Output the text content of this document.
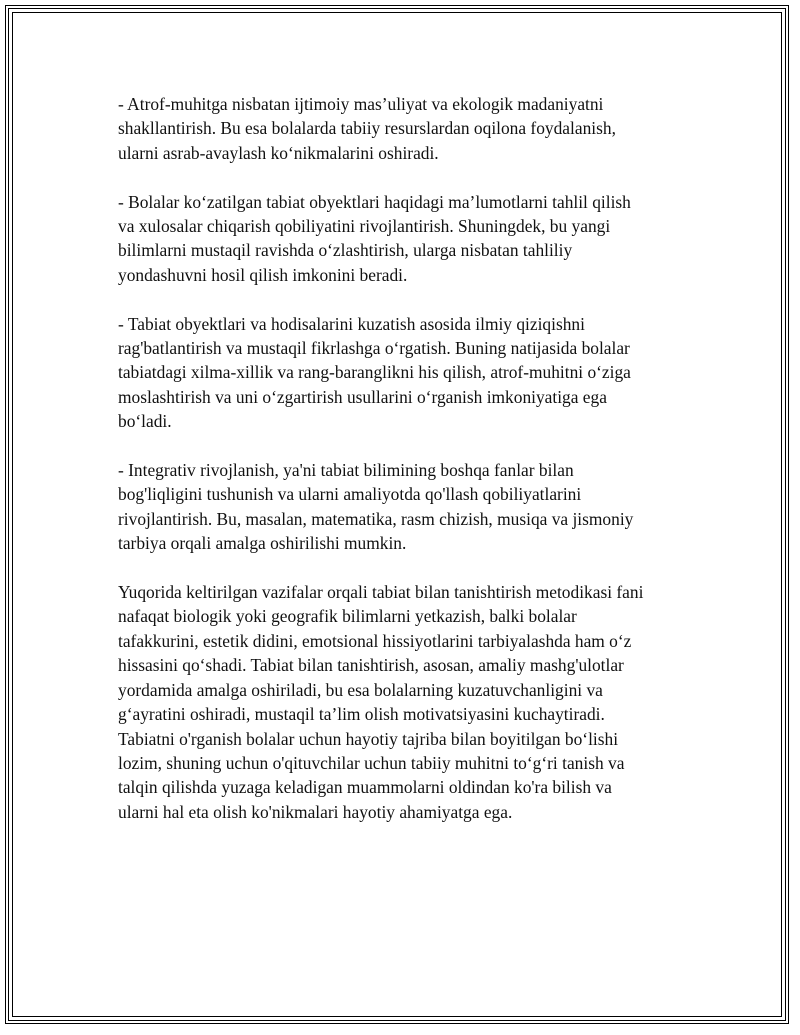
- Atrof-muhitga nisbatan ijtimoiy mas’uliyat va ekologik madaniyatni
shakllantirish. Bu esa bolalarda tabiiy resurslardan oqilona foydalanish,
ularni asrab-avaylash ko‘nikmalarini oshiradi.

- Bolalar ko‘zatilgan tabiat obyektlari haqidagi ma’lumotlarni tahlil qilish
va xulosalar chiqarish qobiliyatini rivojlantirish. Shuningdek, bu yangi
bilimlarni mustaqil ravishda o‘zlashtirish, ularga nisbatan tahliliy
yondashuvni hosil qilish imkonini beradi.

- Tabiat obyektlari va hodisalarini kuzatish asosida ilmiy qiziqishni
rag'batlantirish va mustaqil fikrlashga o‘rgatish. Buning natijasida bolalar
tabiatdagi xilma-xillik va rang-baranglikni his qilish, atrof-muhitni o‘ziga
moslashtirish va uni o‘zgartirish usullarini o‘rganish imkoniyatiga ega
bo‘ladi.

- Integrativ rivojlanish, ya'ni tabiat bilimining boshqa fanlar bilan
bog'liqligini tushunish va ularni amaliyotda qo'llash qobiliyatlarini
rivojlantirish. Bu, masalan, matematika, rasm chizish, musiqa va jismoniy
tarbiya orqali amalga oshirilishi mumkin.

Yuqorida keltirilgan vazifalar orqali tabiat bilan tanishtirish metodikasi fani
nafaqat biologik yoki geografik bilimlarni yetkazish, balki bolalar
tafakkurini, estetik didini, emotsional hissiyotlarini tarbiyalashda ham o‘z
hissasini qo‘shadi. Tabiat bilan tanishtirish, asosan, amaliy mashg'ulotlar
yordamida amalga oshiriladi, bu esa bolalarning kuzatuvchanligini va
g‘ayratini oshiradi, mustaqil ta’lim olish motivatsiyasini kuchaytiradi.
Tabiatni o'rganish bolalar uchun hayotiy tajriba bilan boyitilgan bo‘lishi
lozim, shuning uchun o'qituvchilar uchun tabiiy muhitni to‘g‘ri tanish va
talqin qilishda yuzaga keladigan muammolarni oldindan ko'ra bilish va
ularni hal eta olish ko'nikmalari hayotiy ahamiyatga ega.
